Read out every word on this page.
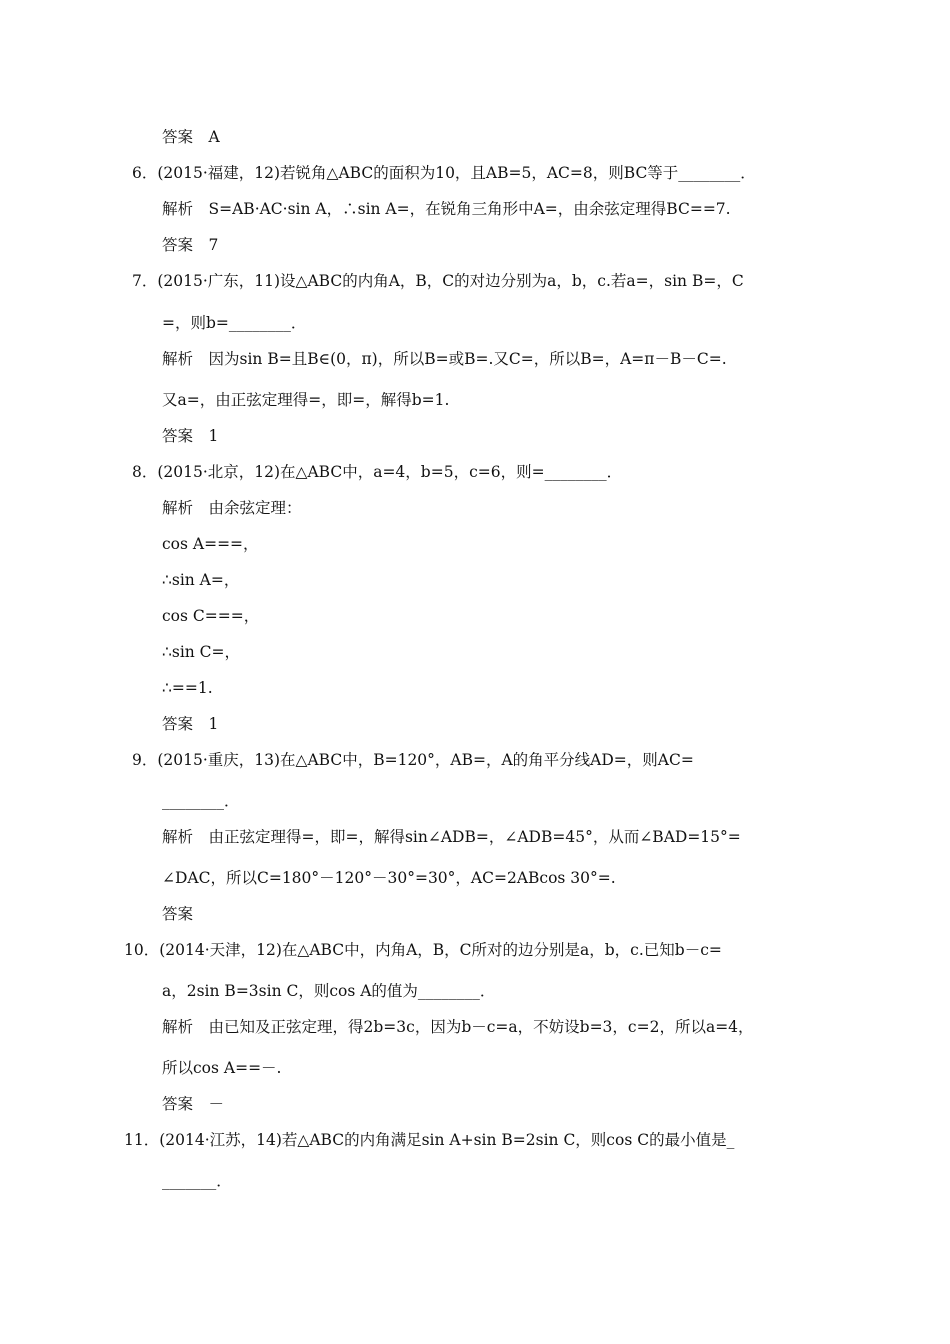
答案　A
6．(2015·福建，12)若锐角△ABC的面积为10，且AB=5，AC=8，则BC等于________．
解析　S=AB·AC·sin A，∴sin A=，在锐角三角形中A=，由余弦定理得BC==7.
答案　7
7．(2015·广东，11)设△ABC的内角A，B，C的对边分别为a，b，c.若a=，sin B=，C
=，则b=________．
解析　因为sin B=且B∈(0，π)，所以B=或B=.又C=，所以B=，A=π－B－C=.
又a=，由正弦定理得=，即=，解得b=1.
答案　1
8．(2015·北京，12)在△ABC中，a=4，b=5，c=6，则=________．
解析　由余弦定理：
cos A===，
∴sin A=，
cos C===，
∴sin C=，
∴==1.
答案　1
9．(2015·重庆，13)在△ABC中，B=120°，AB=，A的角平分线AD=，则AC=
________．
解析　由正弦定理得=，即=，解得sin∠ADB=，∠ADB=45°，从而∠BAD=15°=
∠DAC，所以C=180°－120°－30°=30°，AC=2ABcos 30°=.
答案
10．(2014·天津，12)在△ABC中，内角A，B，C所对的边分别是a，b，c.已知b－c=
a，2sin B=3sin C，则cos A的值为________．
解析　由已知及正弦定理，得2b=3c，因为b－c=a，不妨设b=3，c=2，所以a=4，
所以cos A==－.
答案　－
11．(2014·江苏，14)若△ABC的内角满足sin A+sin B=2sin C，则cos C的最小值是_
_______．
